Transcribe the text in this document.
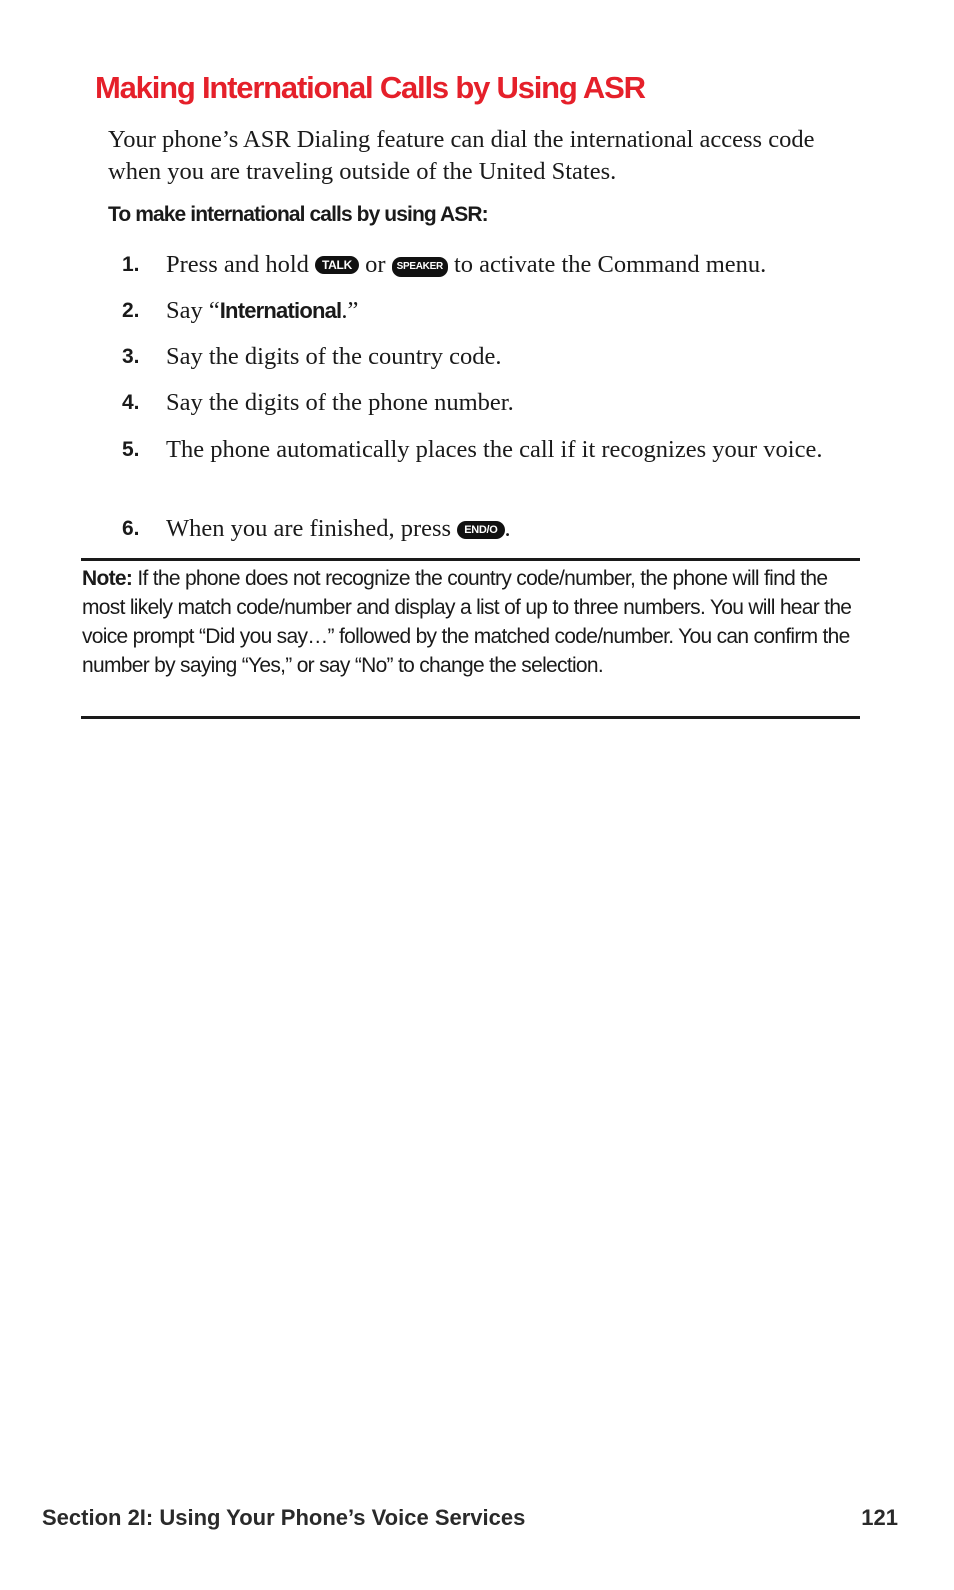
Making International Calls by Using ASR

Your phone’s ASR Dialing feature can dial the international access code when you are traveling outside of the United States.

To make international calls by using ASR:

1.	Press and hold TALK or SPEAKER to activate the Command menu.
2.	Say “International.”
3.	Say the digits of the country code.
4.	Say the digits of the phone number.
5.	The phone automatically places the call if it recognizes your voice.
6.	When you are finished, press END/O .

Note: If the phone does not recognize the country code/number, the phone will find the most likely match code/number and display a list of up to three numbers. You will hear the voice prompt “Did you say…” followed by the matched code/number. You can confirm the number by saying “Yes,” or say “No” to change the selection.

Section 2I: Using Your Phone’s Voice Services	121
